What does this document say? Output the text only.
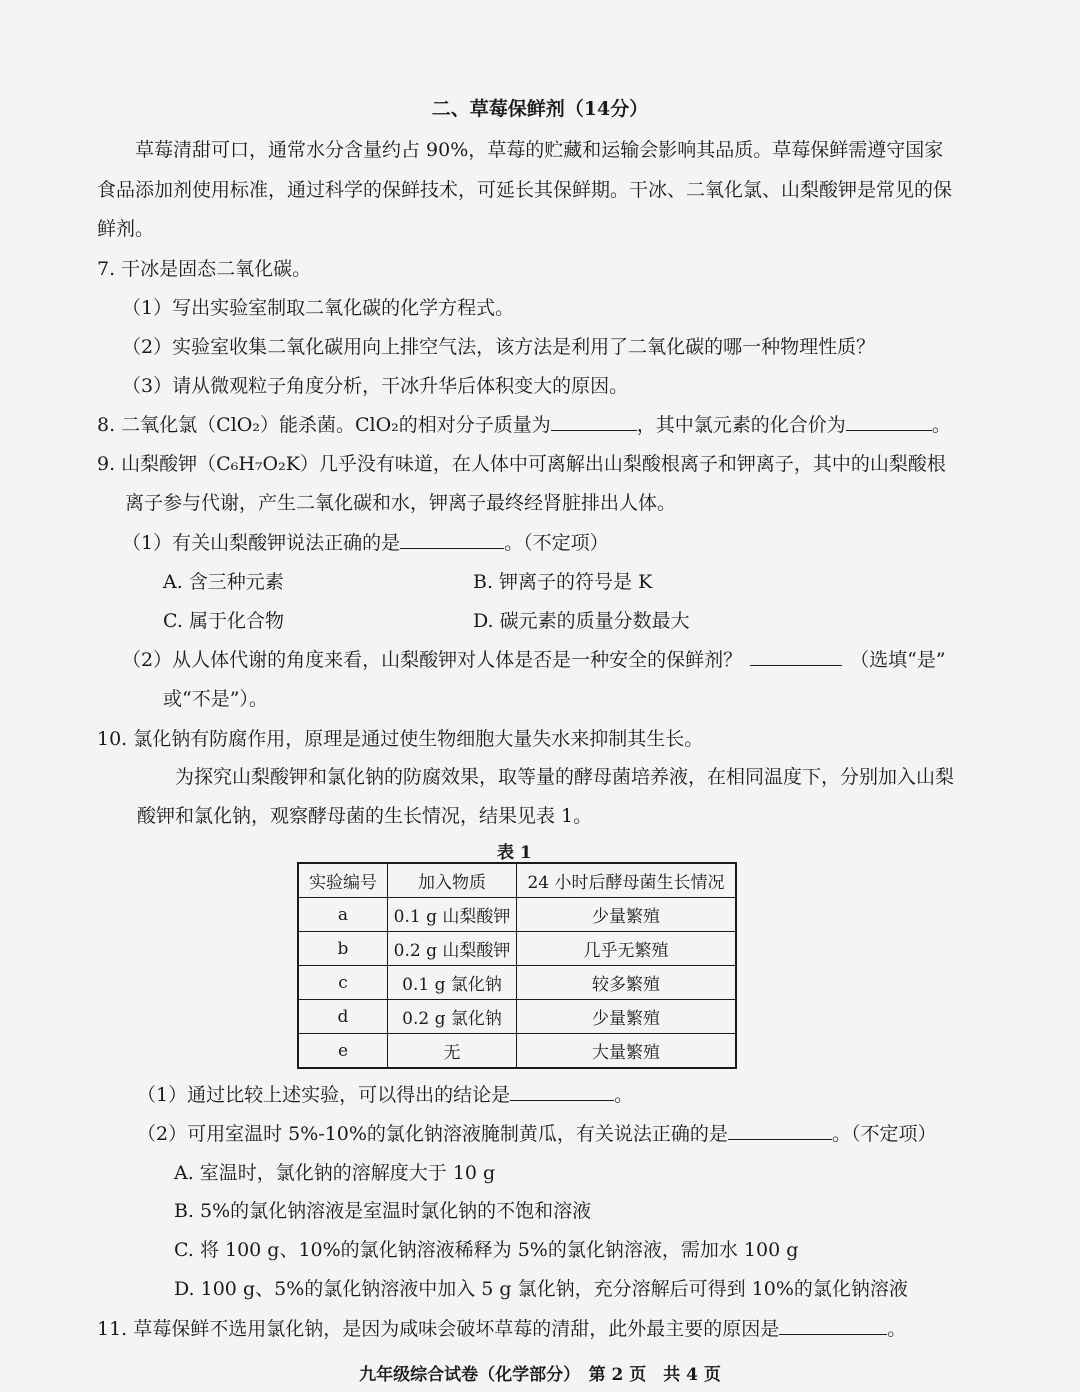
二、草莓保鲜剂（14分）
草莓清甜可口，通常水分含量约占 90%，草莓的贮藏和运输会影响其品质。草莓保鲜需遵守国家
食品添加剂使用标准，通过科学的保鲜技术，可延长其保鲜期。干冰、二氧化氯、山梨酸钾是常见的保
鲜剂。
7. 干冰是固态二氧化碳。
（1）写出实验室制取二氧化碳的化学方程式。
（2）实验室收集二氧化碳用向上排空气法，该方法是利用了二氧化碳的哪一种物理性质？
（3）请从微观粒子角度分析，干冰升华后体积变大的原因。
8. 二氧化氯（ClO₂）能杀菌。ClO₂的相对分子质量为	，其中氯元素的化合价为	。
9. 山梨酸钾（C₆H₇O₂K）几乎没有味道，在人体中可离解出山梨酸根离子和钾离子，其中的山梨酸根
离子参与代谢，产生二氧化碳和水，钾离子最终经肾脏排出人体。
（1）有关山梨酸钾说法正确的是	。（不定项）
A. 含三种元素	B. 钾离子的符号是 K
C. 属于化合物	D. 碳元素的质量分数最大
（2）从人体代谢的角度来看，山梨酸钾对人体是否是一种安全的保鲜剂？	（选填“是”
或“不是”）。
10. 氯化钠有防腐作用，原理是通过使生物细胞大量失水来抑制其生长。
为探究山梨酸钾和氯化钠的防腐效果，取等量的酵母菌培养液，在相同温度下，分别加入山梨
酸钾和氯化钠，观察酵母菌的生长情况，结果见表 1。
表 1
实验编号	加入物质	24 小时后酵母菌生长情况
a	0.1 g 山梨酸钾	少量繁殖
b	0.2 g 山梨酸钾	几乎无繁殖
c	0.1 g 氯化钠	较多繁殖
d	0.2 g 氯化钠	少量繁殖
e	无	大量繁殖
（1）通过比较上述实验，可以得出的结论是	。
（2）可用室温时 5%-10%的氯化钠溶液腌制黄瓜，有关说法正确的是	。（不定项）
A. 室温时，氯化钠的溶解度大于 10 g
B. 5%的氯化钠溶液是室温时氯化钠的不饱和溶液
C. 将 100 g、10%的氯化钠溶液稀释为 5%的氯化钠溶液，需加水 100 g
D. 100 g、5%的氯化钠溶液中加入 5 g 氯化钠，充分溶解后可得到 10%的氯化钠溶液
11. 草莓保鲜不选用氯化钠，是因为咸味会破坏草莓的清甜，此外最主要的原因是	。
九年级综合试卷（化学部分）　第 2 页　共 4 页
